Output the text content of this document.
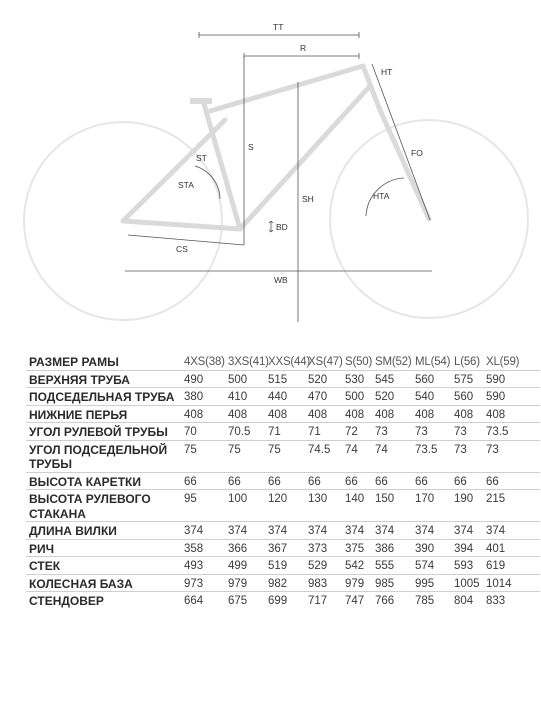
TT
R
HT
S
ST	FO
STA
SH	HTA
BD
CS
WB
РАЗМЕР РАМЫ	4XS(38)	3XS(41)	XXS(44)	XS(47)	S(50)	SM(52)	ML(54)	L(56)	XL(59)
ВЕРХНЯЯ ТРУБА	490	500	515	520	530	545	560	575	590
ПОДСЕДЕЛЬНАЯ ТРУБА	380	410	440	470	500	520	540	560	590
НИЖНИЕ ПЕРЬЯ	408	408	408	408	408	408	408	408	408
УГОЛ РУЛЕВОЙ ТРУБЫ	70	70.5	71	71	72	73	73	73	73.5
УГОЛ ПОДСЕДЕЛЬНОЙ ТРУБЫ	75	75	75	74.5	74	74	73.5	73	73
ВЫСОТА КАРЕТКИ	66	66	66	66	66	66	66	66	66
ВЫСОТА РУЛЕВОГО СТАКАНА	95	100	120	130	140	150	170	190	215
ДЛИНА ВИЛКИ	374	374	374	374	374	374	374	374	374
РИЧ	358	366	367	373	375	386	390	394	401
СТЕК	493	499	519	529	542	555	574	593	619
КОЛЕСНАЯ БАЗА	973	979	982	983	979	985	995	1005	1014
СТЕНДОВЕР	664	675	699	717	747	766	785	804	833
